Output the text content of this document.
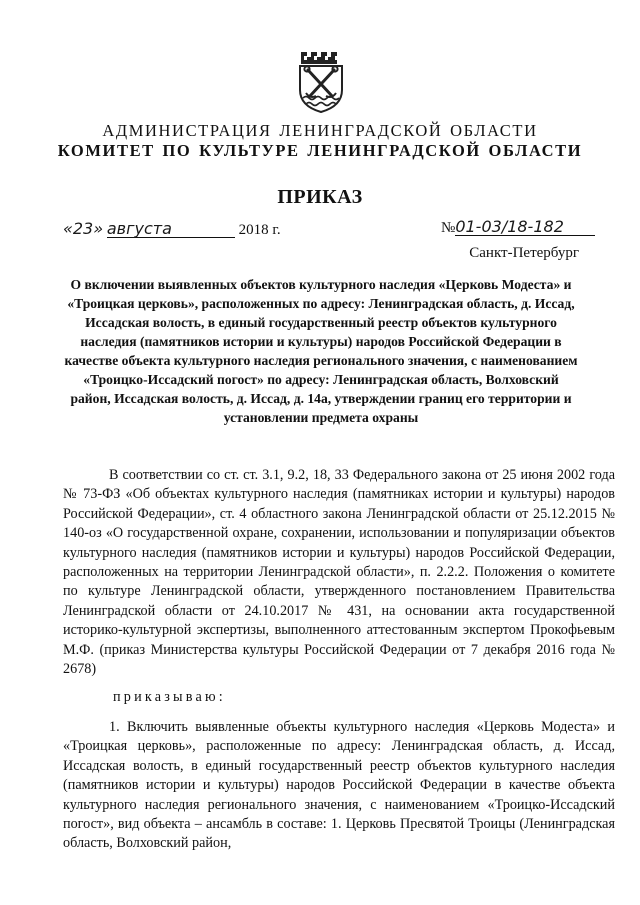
АДМИНИСТРАЦИЯ ЛЕНИНГРАДСКОЙ ОБЛАСТИ
КОМИТЕТ ПО КУЛЬТУРЕ ЛЕНИНГРАДСКОЙ ОБЛАСТИ
ПРИКАЗ
«23» августа	2018 г.	№01-03/18-182
Санкт-Петербург
О включении выявленных объектов культурного наследия «Церковь Модеста» и «Троицкая церковь», расположенных по адресу: Ленинградская область, д. Иссад, Иссадская волость, в единый государственный реестр объектов культурного наследия (памятников истории и культуры) народов Российской Федерации в качестве объекта культурного наследия регионального значения, с наименованием «Троицко-Иссадский погост» по адресу: Ленинградская область, Волховский район, Иссадская волость, д. Иссад, д. 14а, утверждении границ его территории и установлении предмета охраны
В соответствии со ст. ст. 3.1, 9.2, 18, 33 Федерального закона от 25 июня 2002 года № 73-ФЗ «Об объектах культурного наследия (памятниках истории и культуры) народов Российской Федерации», ст. 4 областного закона Ленинградской области от 25.12.2015 № 140-оз «О государственной охране, сохранении, использовании и популяризации объектов культурного наследия (памятников истории и культуры) народов Российской Федерации, расположенных на территории Ленинградской области», п. 2.2.2. Положения о комитете по культуре Ленинградской области, утвержденного постановлением Правительства Ленинградской области от 24.10.2017 № 431, на основании акта государственной историко-культурной экспертизы, выполненного аттестованным экспертом Прокофьевым М.Ф. (приказ Министерства культуры Российской Федерации от 7 декабря 2016 года № 2678)
приказываю:
1. Включить выявленные объекты культурного наследия «Церковь Модеста» и «Троицкая церковь», расположенные по адресу: Ленинградская область, д. Иссад, Иссадская волость, в единый государственный реестр объектов культурного наследия (памятников истории и культуры) народов Российской Федерации в качестве объекта культурного наследия регионального значения, с наименованием «Троицко-Иссадский погост», вид объекта – ансамбль в составе: 1. Церковь Пресвятой Троицы (Ленинградская область, Волховский район,
